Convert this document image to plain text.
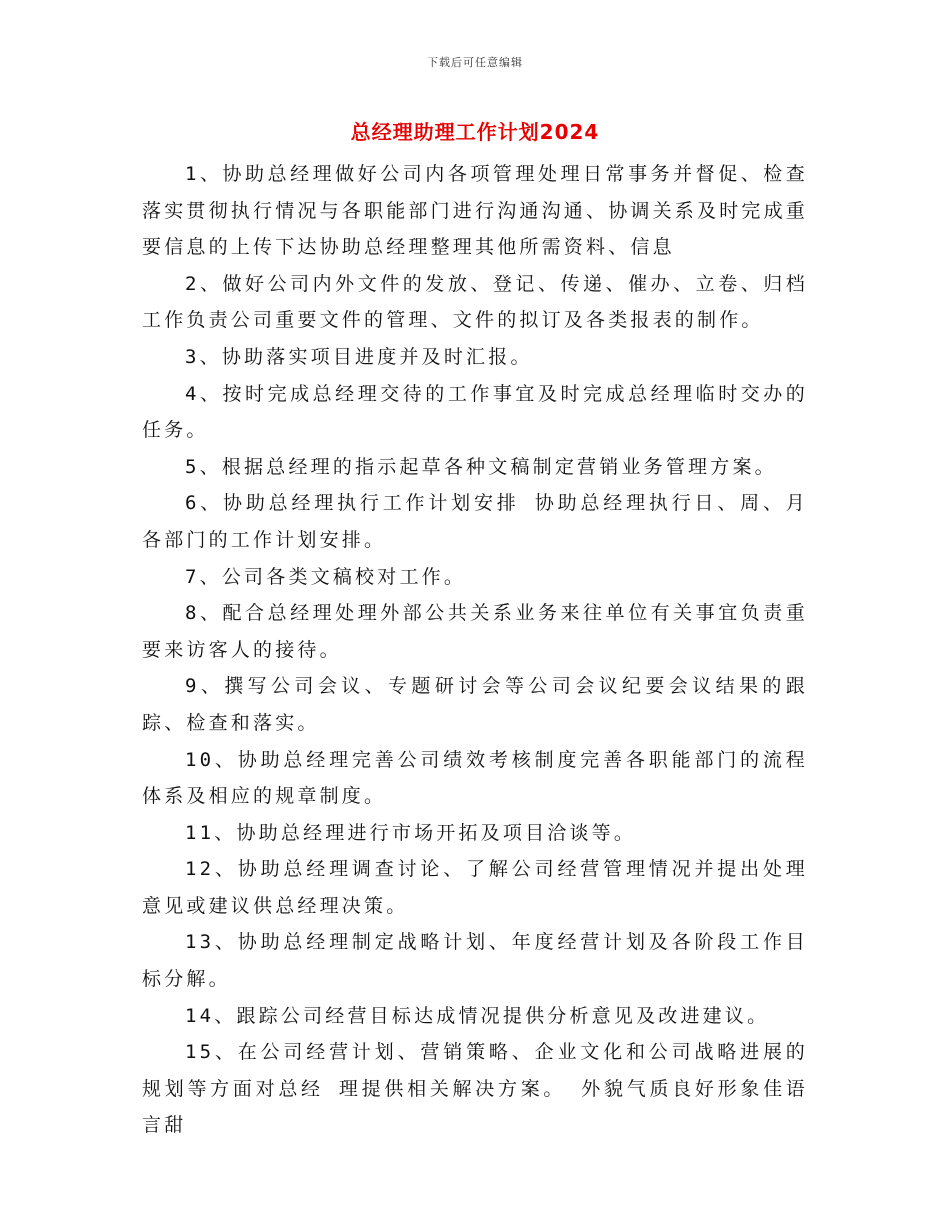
下载后可任意编辑
总经理助理工作计划2024

1、协助总经理做好公司内各项管理处理日常事务并督促、检查落实贯彻执行情况与各职能部门进行沟通沟通、协调关系及时完成重要信息的上传下达协助总经理整理其他所需资料、信息

2、做好公司内外文件的发放、登记、传递、催办、立卷、归档工作负责公司重要文件的管理、文件的拟订及各类报表的制作。

3、协助落实项目进度并及时汇报。

4、按时完成总经理交待的工作事宜及时完成总经理临时交办的任务。

5、根据总经理的指示起草各种文稿制定营销业务管理方案。

6、协助总经理执行工作计划安排 协助总经理执行日、周、月各部门的工作计划安排。

7、公司各类文稿校对工作。

8、配合总经理处理外部公共关系业务来往单位有关事宜负责重要来访客人的接待。

9、撰写公司会议、专题研讨会等公司会议纪要会议结果的跟踪、检查和落实。

10、协助总经理完善公司绩效考核制度完善各职能部门的流程体系及相应的规章制度。

11、协助总经理进行市场开拓及项目洽谈等。

12、协助总经理调查讨论、了解公司经营管理情况并提出处理意见或建议供总经理决策。

13、协助总经理制定战略计划、年度经营计划及各阶段工作目标分解。

14、跟踪公司经营目标达成情况提供分析意见及改进建议。

15、在公司经营计划、营销策略、企业文化和公司战略进展的规划等方面对总经 理提供相关解决方案。 外貌气质良好形象佳语言甜
